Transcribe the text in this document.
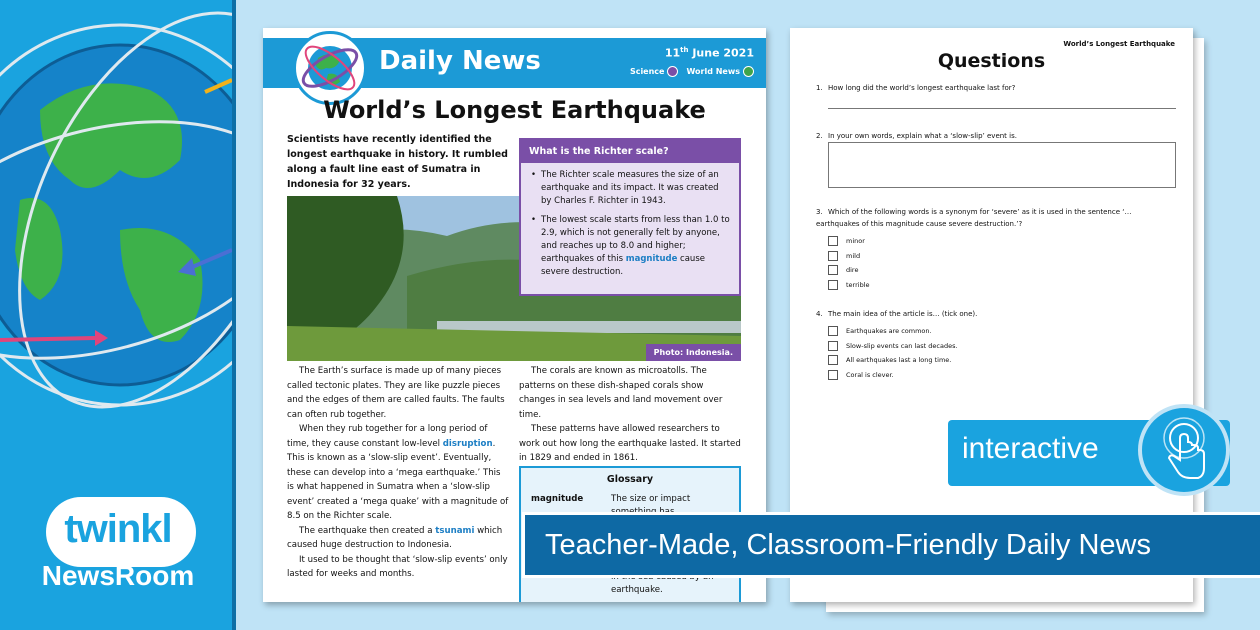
twinkl
NewsRoom
Daily News	11th June 2021
Science	World News
World’s Longest Earthquake
Scientists have recently identified the longest earthquake in history. It rumbled along a fault line east of Sumatra in Indonesia for 32 years.
Photo: Indonesia.
What is the Richter scale?
• The Richter scale measures the size of an earthquake and its impact. It was created by Charles F. Richter in 1943.
• The lowest scale starts from less than 1.0 to 2.9, which is not generally felt by anyone, and reaches up to 8.0 and higher; earthquakes of this magnitude cause severe destruction.

The Earth’s surface is made up of many pieces called tectonic plates. They are like puzzle pieces and the edges of them are called faults. The faults can often rub together.

When they rub together for a long period of time, they cause constant low-level disruption. This is known as a ‘slow-slip event’. Eventually, these can develop into a ‘mega earthquake.’ This is what happened in Sumatra when a ‘slow-slip event’ created a ‘mega quake’ with a magnitude of 8.5 on the Richter scale.

The earthquake then created a tsunami which caused huge destruction to Indonesia.

It used to be thought that ‘slow-slip events’ only lasted for weeks and months.

The corals are known as microatolls. The patterns on these dish-shaped corals show changes in sea levels and land movement over time.

These patterns have allowed researchers to work out how long the earthquake lasted. It started in 1829 and ended in 1861.

Glossary
magnitude	The size or impact
earthquake.
World’s Longest Earthquake
Questions
1. How long did the world’s longest earthquake last for?
2. In your own words, explain what a ‘slow-slip’ event is.
3. Which of the following words is a synonym for ‘severe’ as it is used in the sentence ‘…earthquakes of this magnitude cause severe destruction.’?
minor
mild
dire
terrible
4. The main idea of the article is… (tick one).
Earthquakes are common.
Slow-slip events can last decades.
All earthquakes last a long time.
Coral is clever.
interactive
Teacher-Made, Classroom-Friendly Daily News
